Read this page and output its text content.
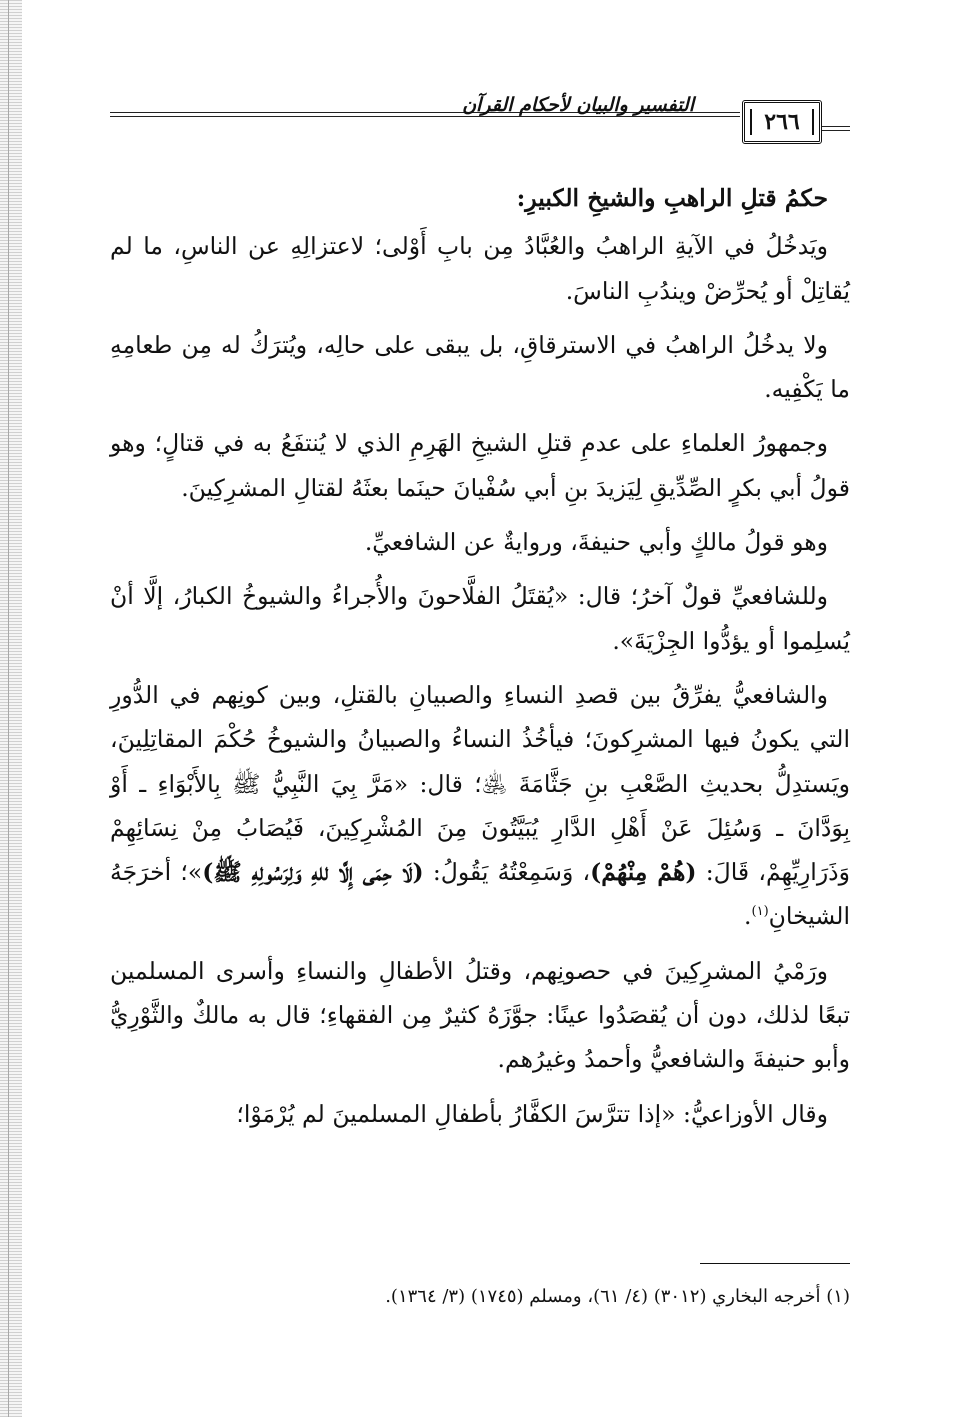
التفسير والبيان لأحكام القرآن
٢٦٦

حكمُ قتلِ الراهبِ والشيخِ الكبيرِ:

ويَدخُلُ في الآيةِ الراهبُ والعُبَّادُ مِن بابِ أَوْلى؛ لاعتزالِهِ عن الناسِ، ما لم يُقاتِلْ أو يُحرِّضْ ويندُبِ الناسَ.

ولا يدخُلُ الراهبُ في الاسترقاقِ، بل يبقى على حالِه، ويُترَكُ له مِن طعامِهِ ما يَكْفِيه.

وجمهورُ العلماءِ على عدمِ قتلِ الشيخِ الهَرِمِ الذي لا يُنتفَعُ به في قتالٍ؛ وهو قولُ أبي بكرٍ الصِّدِّيقِ لِيَزيدَ بنِ أبي سُفْيانَ حينَما بعثَهُ لقتالِ المشرِكِينَ.

وهو قولُ مالكٍ وأبي حنيفةَ، وروايةٌ عن الشافعيِّ.

وللشافعيِّ قولٌ آخرُ؛ قال: «يُقتَلُ الفلَّاحونَ والأُجراءُ والشيوخُ الكبارُ، إلَّا أنْ يُسلِموا أو يؤدُّوا الجِزْيَةَ».

والشافعيُّ يفرِّقُ بين قصدِ النساءِ والصبيانِ بالقتلِ، وبين كونِهم في الدُّورِ التي يكونُ فيها المشرِكونَ؛ فيأخُذُ النساءُ والصبيانُ والشيوخُ حُكْمَ المقاتِلِينَ، ويَستدِلُّ بحديثِ الصَّعْبِ بنِ جَثَّامَةَ ﵁؛ قال: «مَرَّ بِيَ النَّبِيُّ ﷺ بِالأَبْوَاءِ ـ أَوْ بِوَدَّانَ ـ وَسُئِلَ عَنْ أَهْلِ الدَّارِ يُبَيَّتُونَ مِنَ المُشْرِكِينَ، فَيُصَابُ مِنْ نِسَائِهِمْ وَذَرَارِيِّهِمْ، قَالَ: (هُمْ مِنْهُمْ)، وَسَمِعْتُهُ يَقُولُ: (لَا حِمَى إِلَّا للهِ وَلِرَسُولِهِ ﷺ)»؛ أخرَجَهُ الشيخانِ$^{(١)}$.

ورَمْيُ المشرِكِينَ في حصونِهم، وقتلُ الأطفالِ والنساءِ وأسرى المسلمين تبعًا لذلك، دون أن يُقصَدُوا عينًا: جوَّزَهُ كثيرٌ مِن الفقهاءِ؛ قال به مالكٌ والثَّوْرِيُّ وأبو حنيفةَ والشافعيُّ وأحمدُ وغيرُهم.

وقال الأوزاعيُّ: «إذا تترَّسَ الكفَّارُ بأطفالِ المسلمينَ لم يُرْمَوْا؛

(١) أخرجه البخاري (٣٠١٢) (٤/ ٦١)، ومسلم (١٧٤٥) (٣/ ١٣٦٤).
